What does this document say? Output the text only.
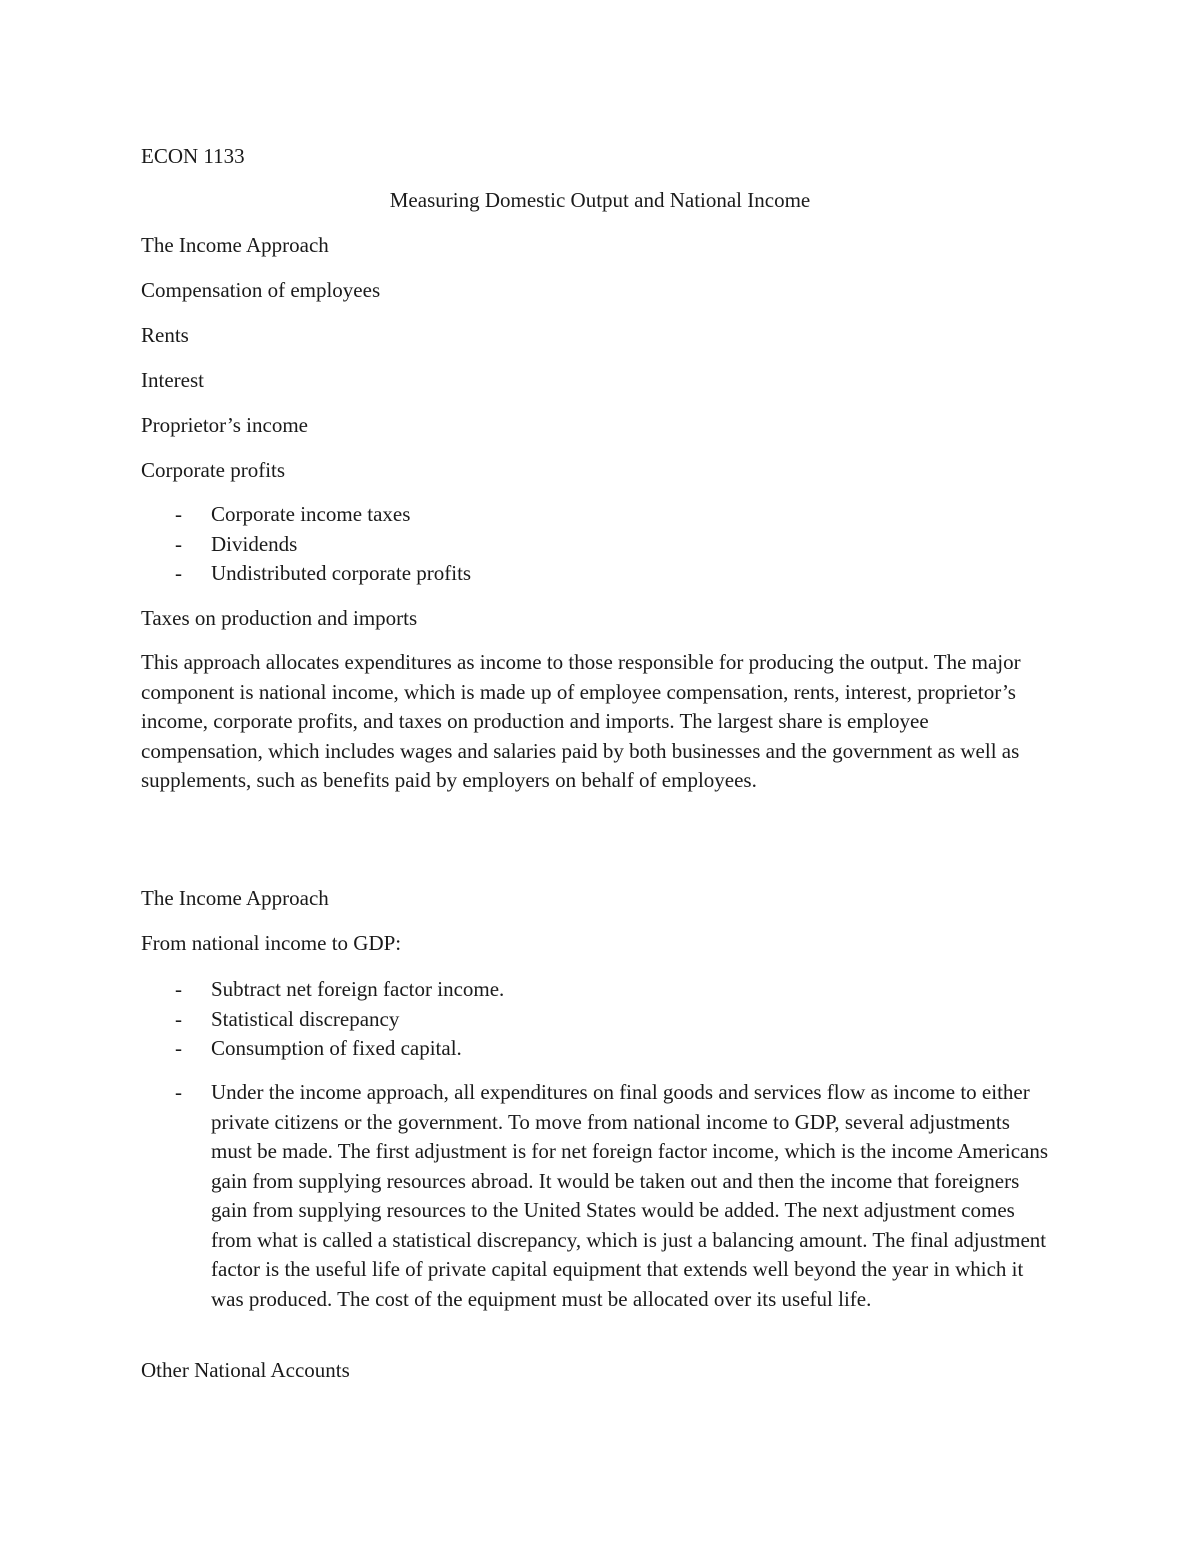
ECON 1133

Measuring Domestic Output and National Income

The Income Approach

Compensation of employees

Rents

Interest

Proprietor’s income

Corporate profits

- Corporate income taxes
- Dividends
- Undistributed corporate profits

Taxes on production and imports

This approach allocates expenditures as income to those responsible for producing the output. The major component is national income, which is made up of employee compensation, rents, interest, proprietor’s income, corporate profits, and taxes on production and imports. The largest share is employee compensation, which includes wages and salaries paid by both businesses and the government as well as supplements, such as benefits paid by employers on behalf of employees.

The Income Approach

From national income to GDP:

- Subtract net foreign factor income.
- Statistical discrepancy
- Consumption of fixed capital.
- Under the income approach, all expenditures on final goods and services flow as income to either private citizens or the government. To move from national income to GDP, several adjustments must be made. The first adjustment is for net foreign factor income, which is the income Americans gain from supplying resources abroad. It would be taken out and then the income that foreigners gain from supplying resources to the United States would be added. The next adjustment comes from what is called a statistical discrepancy, which is just a balancing amount. The final adjustment factor is the useful life of private capital equipment that extends well beyond the year in which it was produced. The cost of the equipment must be allocated over its useful life.

Other National Accounts
